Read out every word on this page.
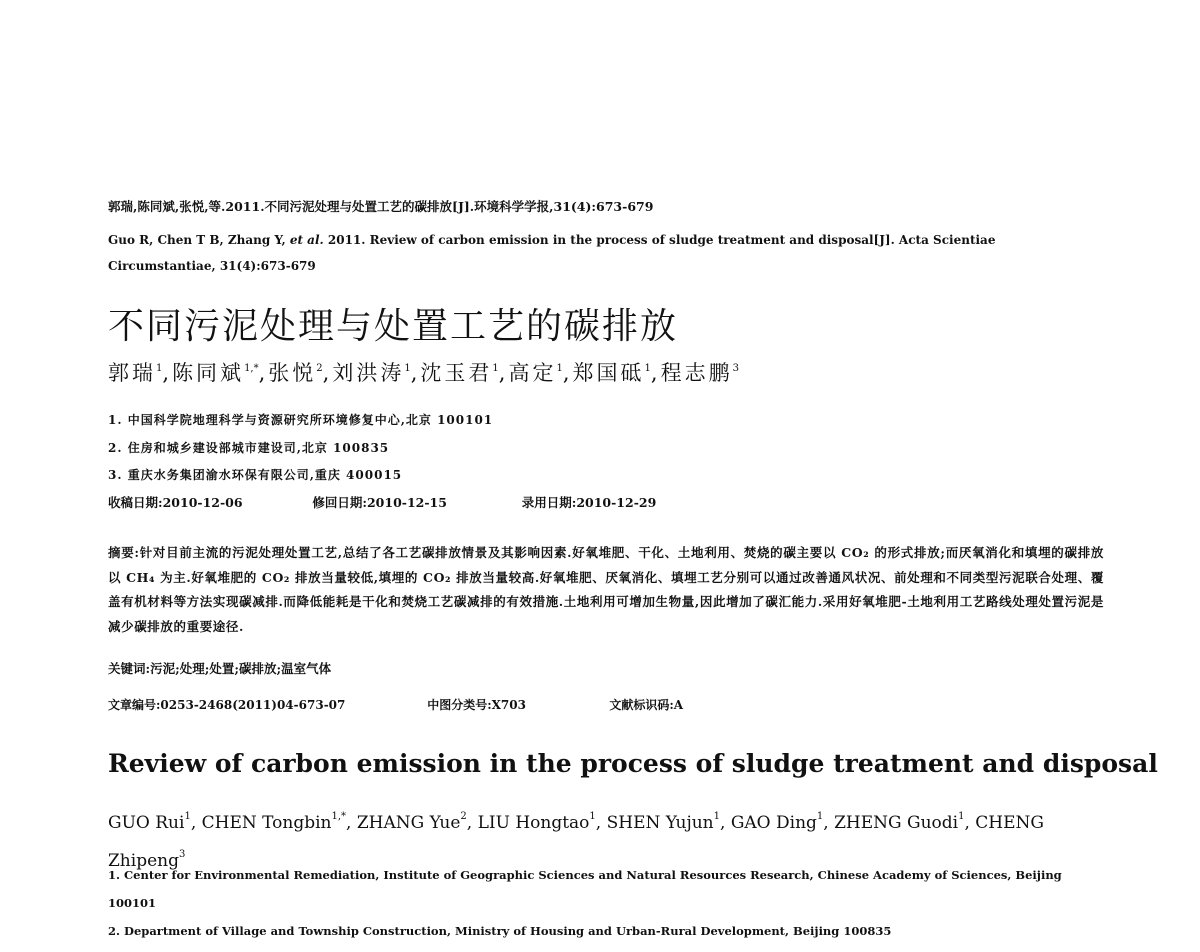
郭瑞,陈同斌,张悦,等.2011.不同污泥处理与处置工艺的碳排放[J].环境科学学报,31(4):673-679
Guo R, Chen T B, Zhang Y, et al. 2011. Review of carbon emission in the process of sludge treatment and disposal[J]. Acta Scientiae Circumstantiae, 31(4):673-679
不同污泥处理与处置工艺的碳排放
郭瑞$^1$,陈同斌$^{1,*}$,张悦$^2$,刘洪涛$^1$,沈玉君$^1$,高定$^1$,郑国砥$^1$,程志鹏$^3$
1. 中国科学院地理科学与资源研究所环境修复中心,北京 100101
2. 住房和城乡建设部城市建设司,北京 100835
3. 重庆水务集团渝水环保有限公司,重庆 400015
收稿日期:2010-12-06	修回日期:2010-12-15	录用日期:2010-12-29
摘要:针对目前主流的污泥处理处置工艺,总结了各工艺碳排放情景及其影响因素.好氧堆肥、干化、土地利用、焚烧的碳主要以 CO₂ 的形式排放;而厌氧消化和填埋的碳排放以 CH₄ 为主.好氧堆肥的 CO₂ 排放当量较低,填埋的 CO₂ 排放当量较高.好氧堆肥、厌氧消化、填埋工艺分别可以通过改善通风状况、前处理和不同类型污泥联合处理、覆盖有机材料等方法实现碳减排.而降低能耗是干化和焚烧工艺碳减排的有效措施.土地利用可增加生物量,因此增加了碳汇能力.采用好氧堆肥-土地利用工艺路线处理处置污泥是减少碳排放的重要途径.
关键词:污泥;处理;处置;碳排放;温室气体
文章编号:0253-2468(2011)04-673-07	中图分类号:X703	文献标识码:A
Review of carbon emission in the process of sludge treatment and disposal
GUO Rui$^1$, CHEN Tongbin$^{1,*}$, ZHANG Yue$^2$, LIU Hongtao$^1$, SHEN Yujun$^1$, GAO Ding$^1$, ZHENG Guodi$^1$, CHENG Zhipeng$^3$
1. Center for Environmental Remediation, Institute of Geographic Sciences and Natural Resources Research, Chinese Academy of Sciences, Beijing 100101
2. Department of Village and Township Construction, Ministry of Housing and Urban-Rural Development, Beijing 100835
